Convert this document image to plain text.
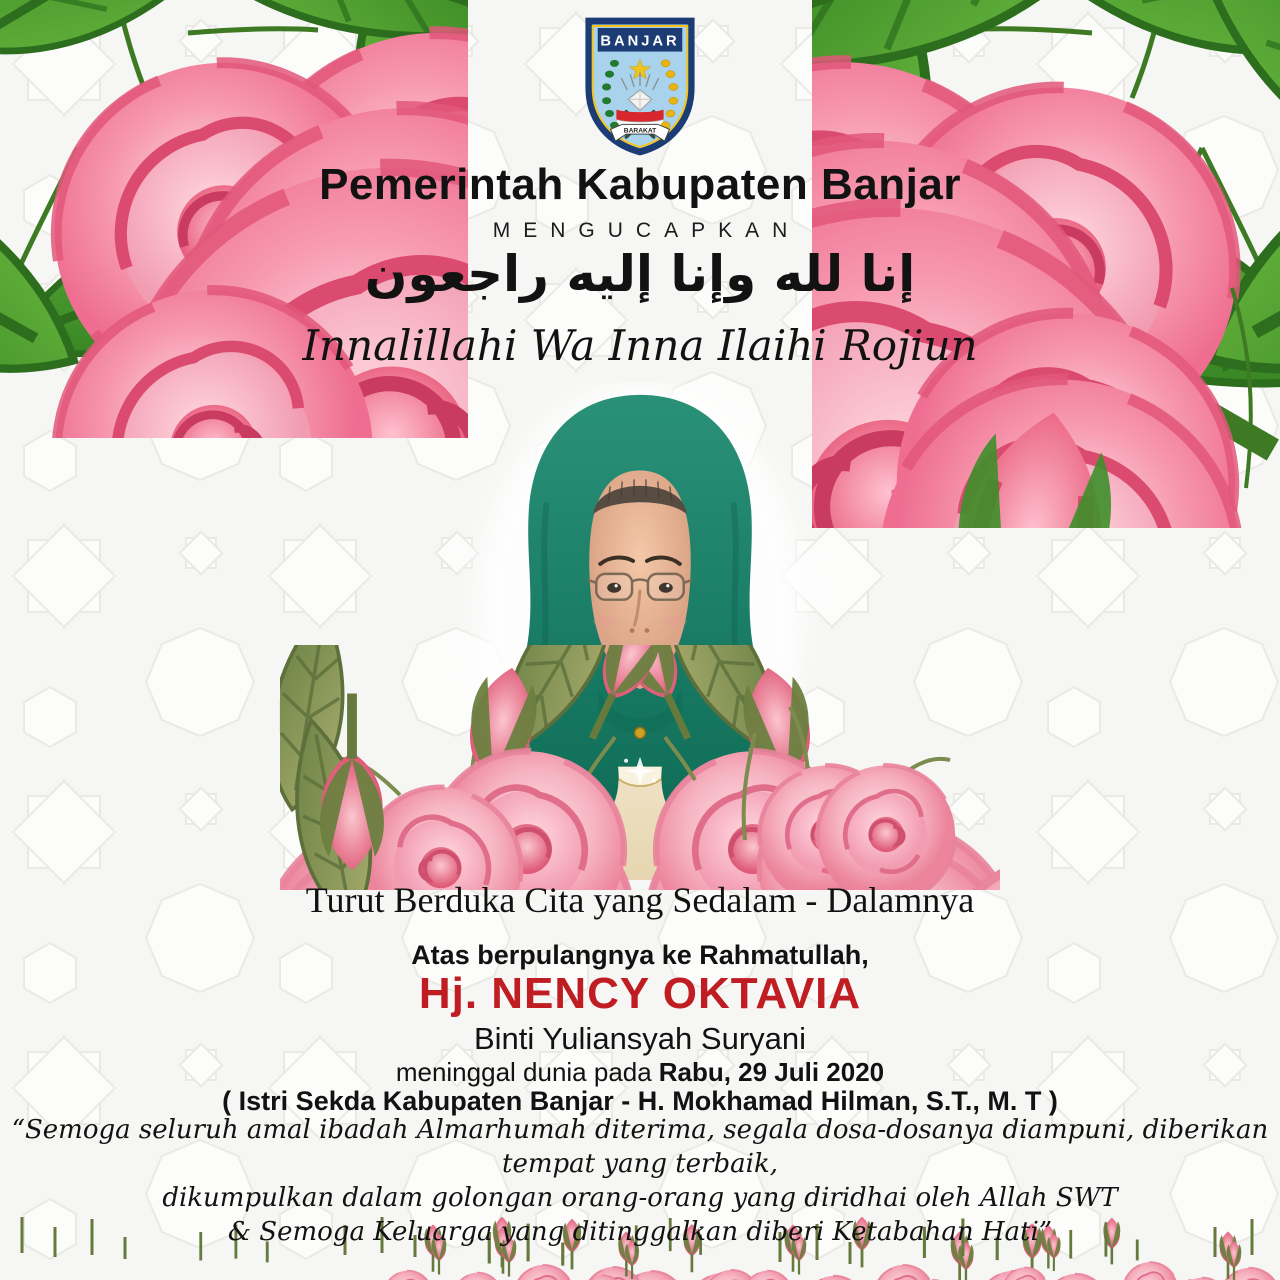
BANJAR
BARAKAT
Pemerintah Kabupaten Banjar
MENGUCAPKAN
إنا لله وإنا إليه راجعون
Innalillahi Wa Inna Ilaihi Rojiun
Turut Berduka Cita yang Sedalam - Dalamnya
Atas berpulangnya ke Rahmatullah,
Hj. NENCY OKTAVIA
Binti Yuliansyah Suryani
meninggal dunia pada Rabu, 29 Juli 2020
( Istri Sekda Kabupaten Banjar - H. Mokhamad Hilman, S.T., M. T )
“Semoga seluruh amal ibadah Almarhumah diterima, segala dosa-dosanya diampuni, diberikan tempat yang terbaik,
dikumpulkan dalam golongan orang-orang yang diridhai oleh Allah SWT
& Semoga Keluarga yang ditinggalkan diberi Ketabahan Hati”
